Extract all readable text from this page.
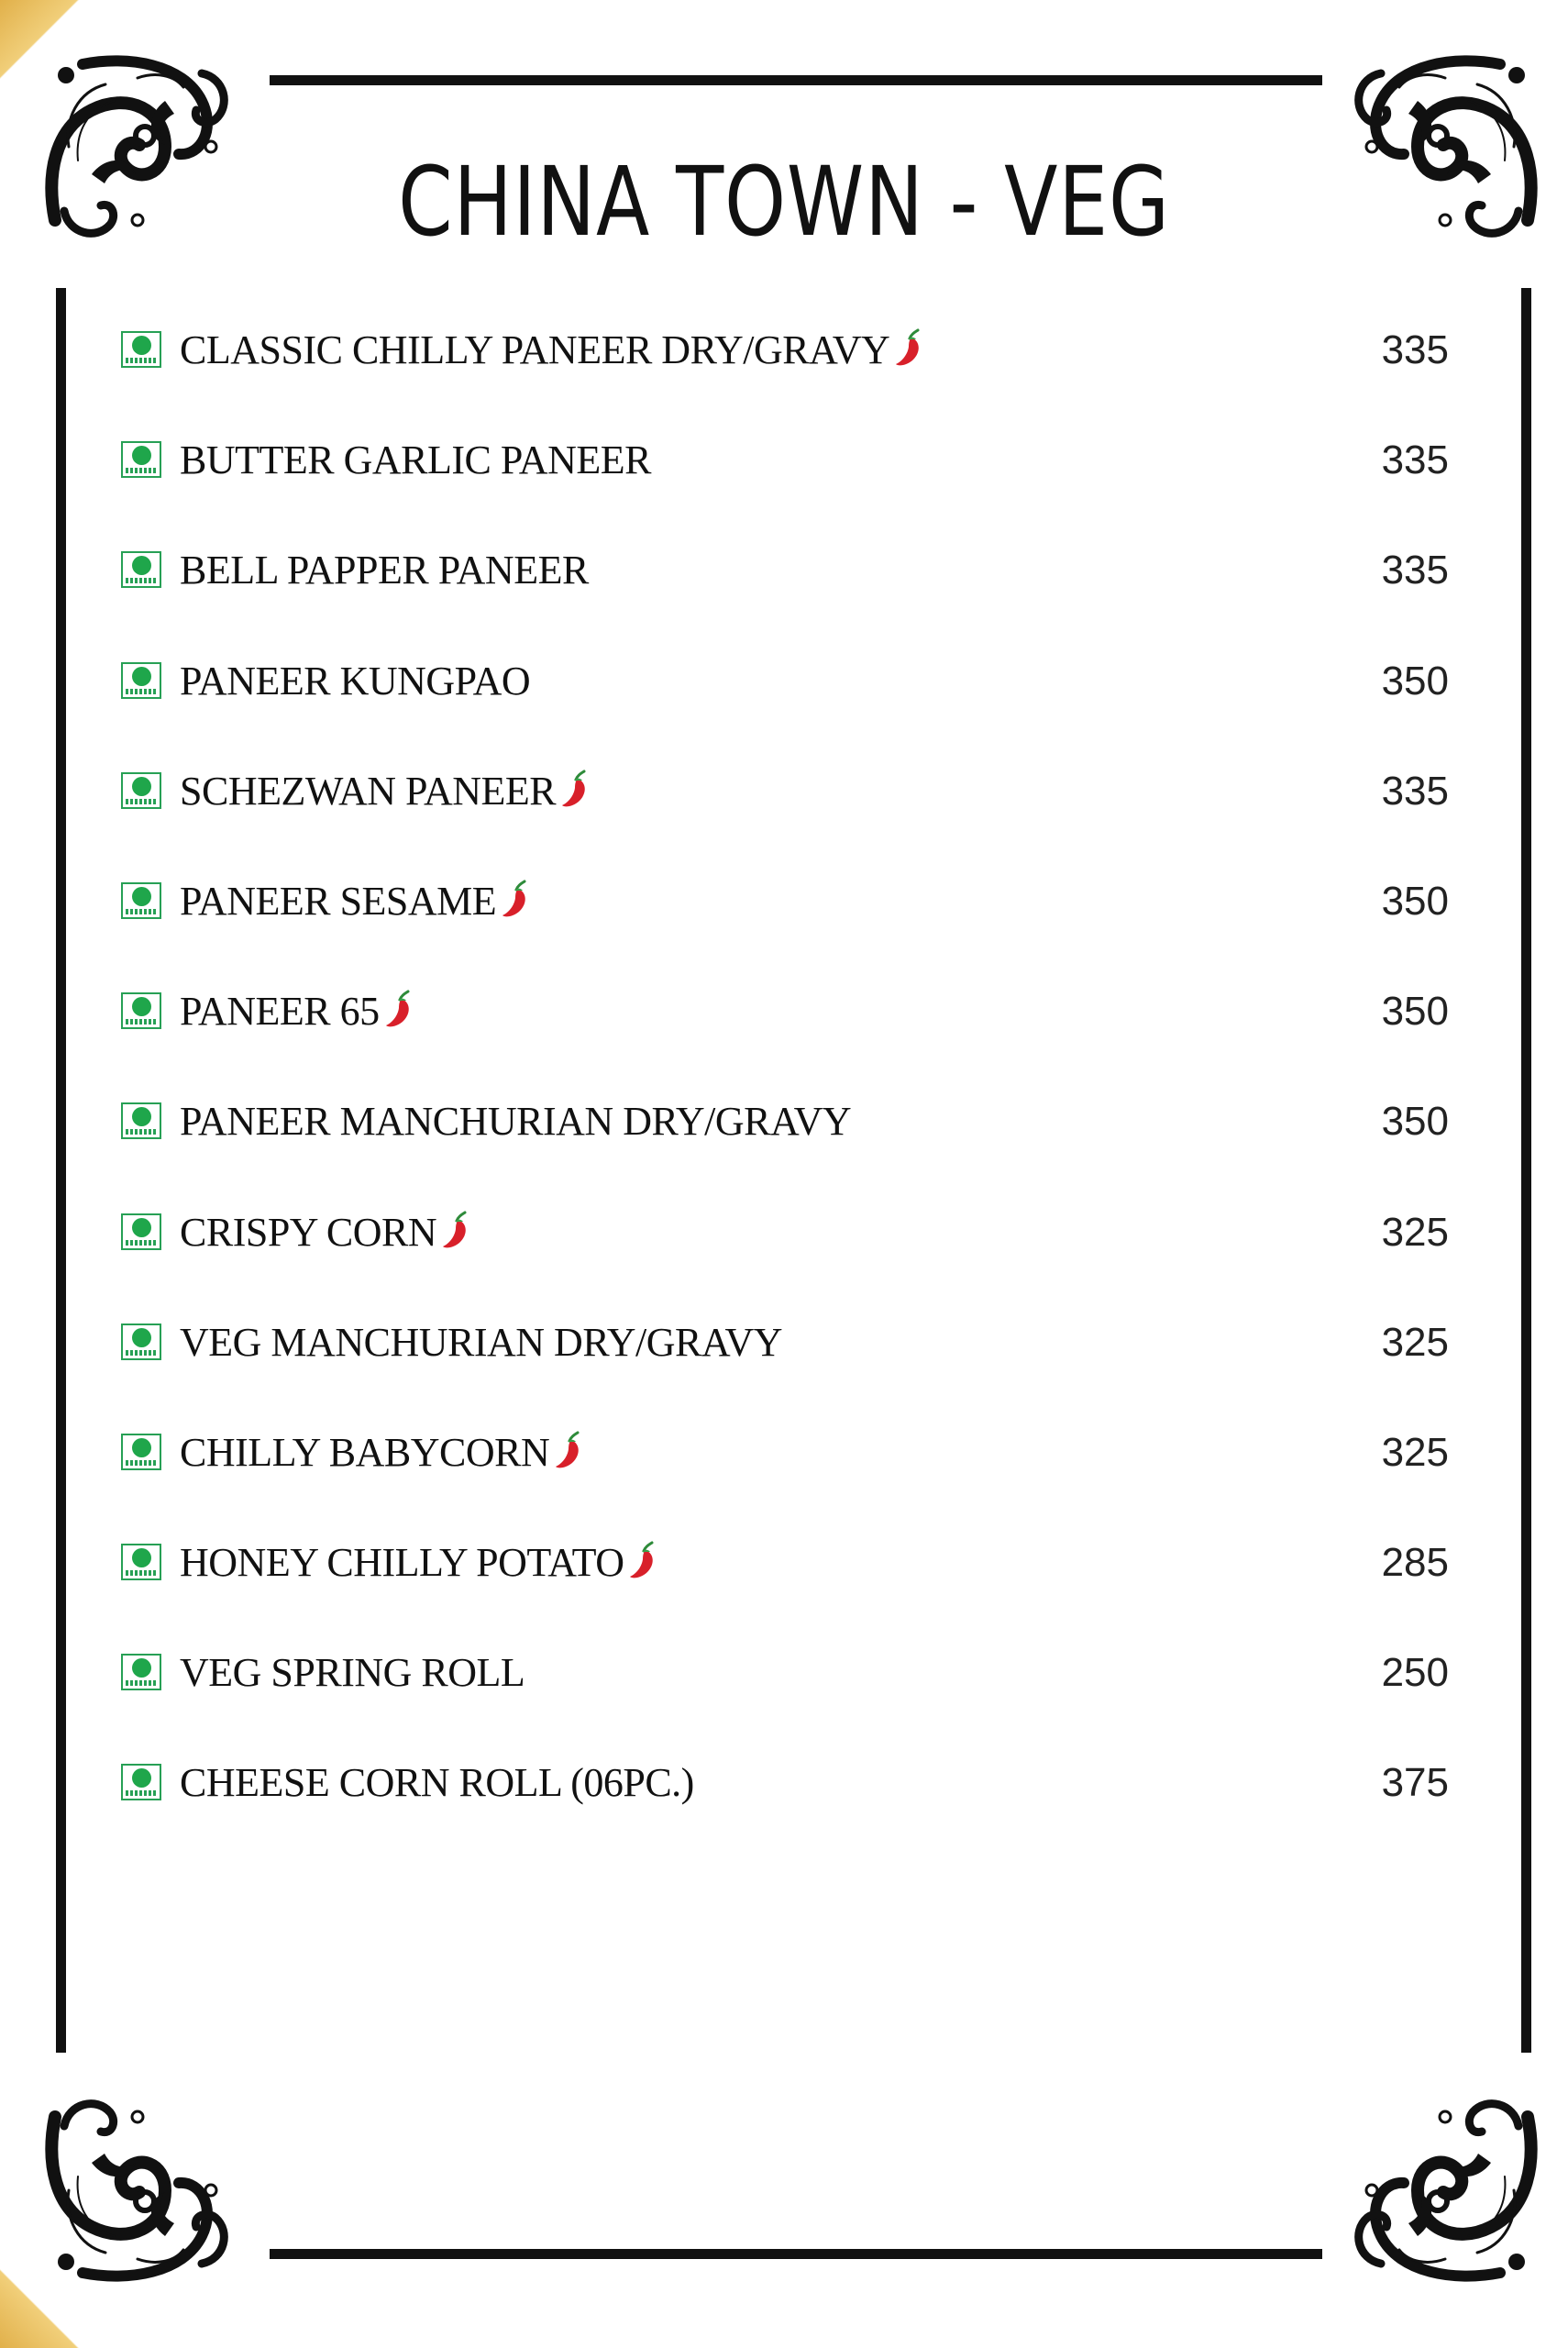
CHINA TOWN - VEG
CLASSIC CHILLY PANEER DRY/GRAVY	335
BUTTER GARLIC PANEER	335
BELL PAPPER PANEER	335
PANEER KUNGPAO	350
SCHEZWAN PANEER	335
PANEER SESAME	350
PANEER 65	350
PANEER MANCHURIAN DRY/GRAVY	350
CRISPY CORN	325
VEG MANCHURIAN DRY/GRAVY	325
CHILLY BABYCORN	325
HONEY CHILLY POTATO	285
VEG SPRING ROLL	250
CHEESE CORN ROLL (06PC.)	375
